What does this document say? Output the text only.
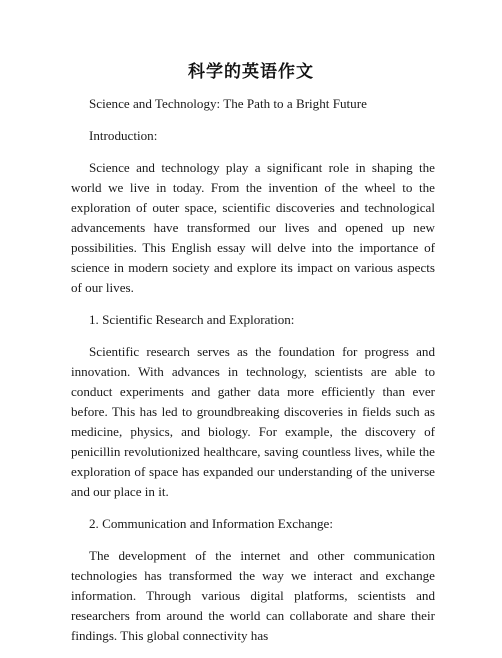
科学的英语作文

Science and Technology: The Path to a Bright Future

Introduction:

Science and technology play a significant role in shaping the world we live in today. From the invention of the wheel to the exploration of outer space, scientific discoveries and technological advancements have transformed our lives and opened up new possibilities. This English essay will delve into the importance of science in modern society and explore its impact on various aspects of our lives.

1. Scientific Research and Exploration:

Scientific research serves as the foundation for progress and innovation. With advances in technology, scientists are able to conduct experiments and gather data more efficiently than ever before. This has led to groundbreaking discoveries in fields such as medicine, physics, and biology. For example, the discovery of penicillin revolutionized healthcare, saving countless lives, while the exploration of space has expanded our understanding of the universe and our place in it.

2. Communication and Information Exchange:

The development of the internet and other communication technologies has transformed the way we interact and exchange information. Through various digital platforms, scientists and researchers from around the world can collaborate and share their findings. This global connectivity has
